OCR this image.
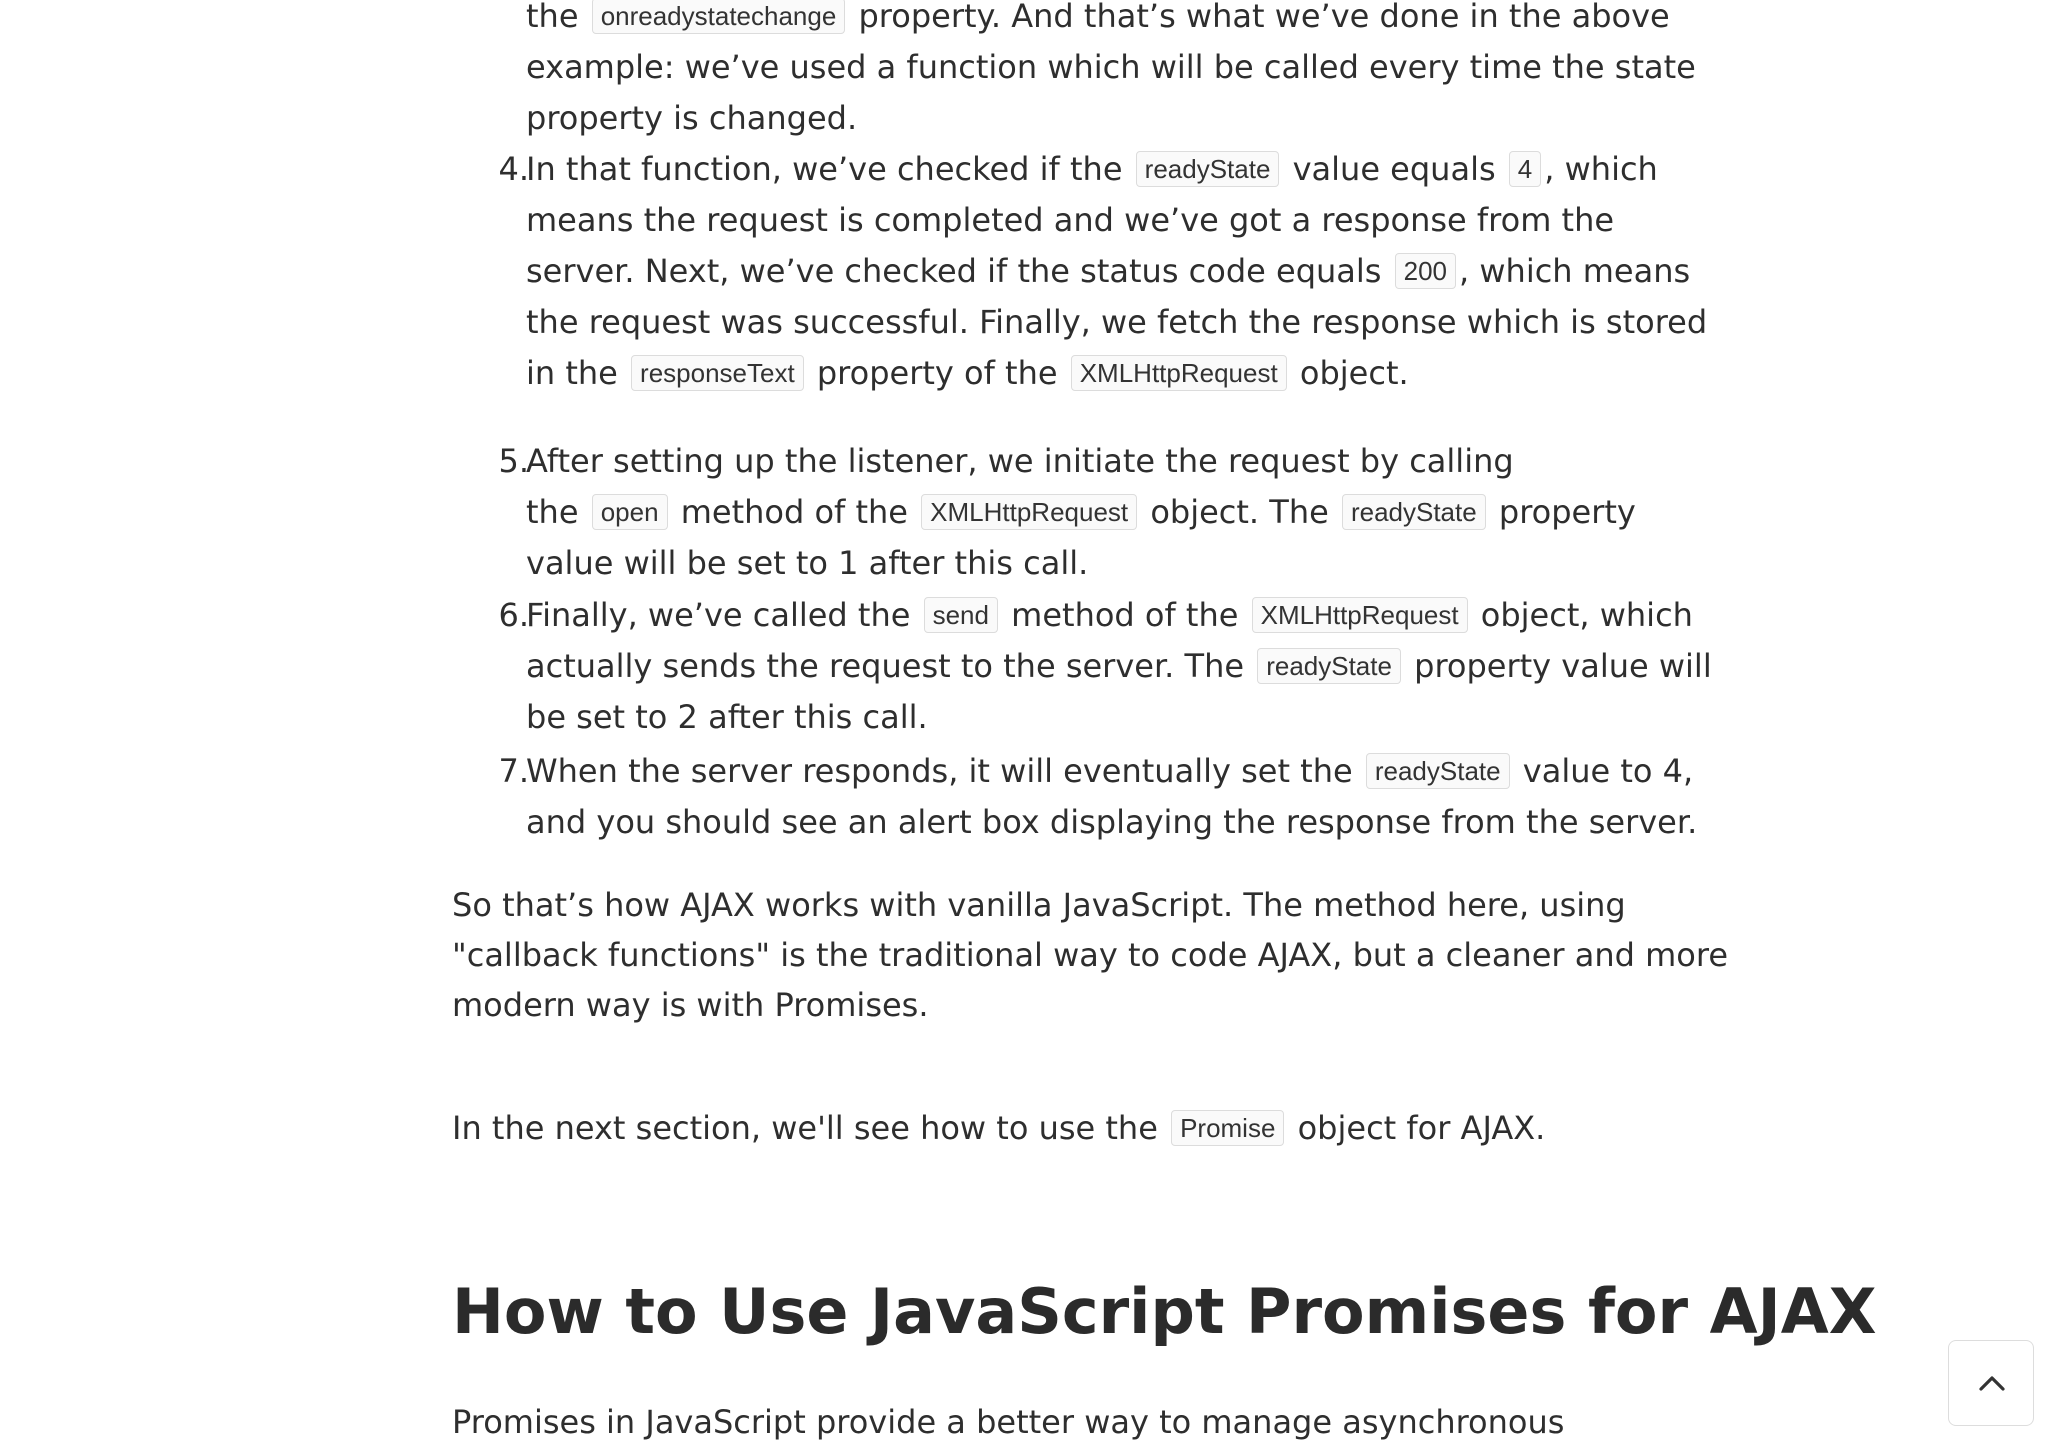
the onreadystatechange property. And that’s what we’ve done in the above
example: we’ve used a function which will be called every time the state
property is changed.
4.
In that function, we’ve checked if the readyState value equals 4 , which
means the request is completed and we’ve got a response from the
server. Next, we’ve checked if the status code equals 200 , which means
the request was successful. Finally, we fetch the response which is stored
in the responseText property of the XMLHttpRequest object.
5.
After setting up the listener, we initiate the request by calling
the open method of the XMLHttpRequest object. The readyState property
value will be set to 1 after this call.
6.
Finally, we’ve called the send method of the XMLHttpRequest object, which
actually sends the request to the server. The readyState property value will
be set to 2 after this call.
7.
When the server responds, it will eventually set the readyState value to 4,
and you should see an alert box displaying the response from the server.
So that’s how AJAX works with vanilla JavaScript. The method here, using
"callback functions" is the traditional way to code AJAX, but a cleaner and more
modern way is with Promises.
In the next section, we'll see how to use the Promise object for AJAX.
How to Use JavaScript Promises for AJAX
Promises in JavaScript provide a better way to manage asynchronous
